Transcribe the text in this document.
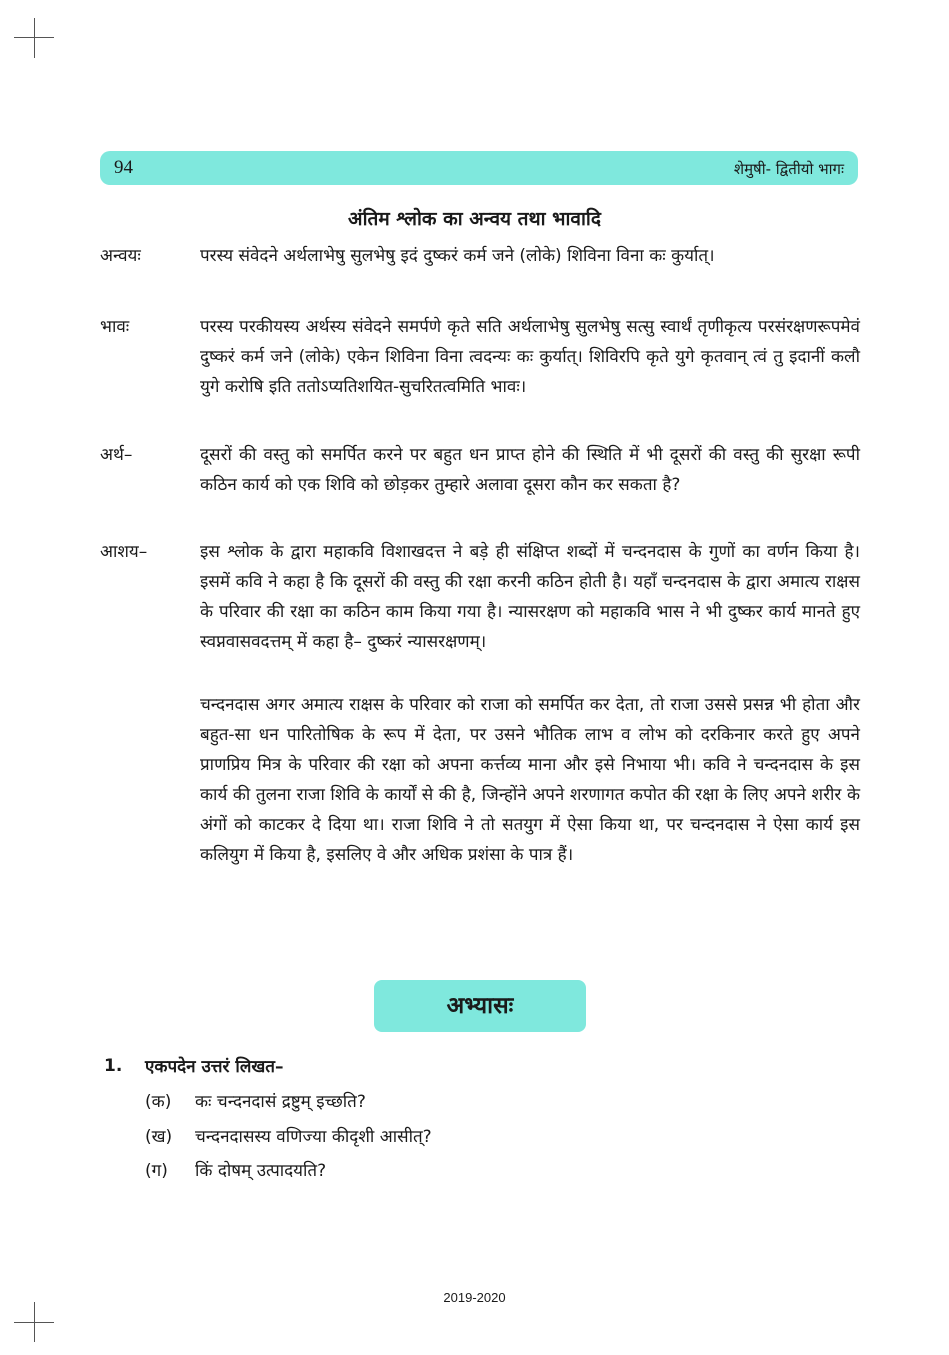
94	शेमुषी- द्वितीयो भागः
अंतिम श्लोक का अन्वय तथा भावादि
अन्वयः	परस्य संवेदने अर्थलाभेषु सुलभेषु इदं दुष्करं कर्म जने (लोके) शिविना विना कः कुर्यात्।
भावः	परस्य परकीयस्य अर्थस्य संवेदने समर्पणे कृते सति अर्थलाभेषु सुलभेषु सत्सु स्वार्थं तृणीकृत्य परसंरक्षणरूपमेवं दुष्करं कर्म जने (लोके) एकेन शिविना विना त्वदन्यः कः कुर्यात्। शिविरपि कृते युगे कृतवान् त्वं तु इदानीं कलौ युगे करोषि इति ततोऽप्यतिशयित-सुचरितत्वमिति भावः।
अर्थ–	दूसरों की वस्तु को समर्पित करने पर बहुत धन प्राप्त होने की स्थिति में भी दूसरों की वस्तु की सुरक्षा रूपी कठिन कार्य को एक शिवि को छोड़कर तुम्हारे अलावा दूसरा कौन कर सकता है?
आशय–	इस श्लोक के द्वारा महाकवि विशाखदत्त ने बड़े ही संक्षिप्त शब्दों में चन्दनदास के गुणों का वर्णन किया है। इसमें कवि ने कहा है कि दूसरों की वस्तु की रक्षा करनी कठिन होती है। यहाँ चन्दनदास के द्वारा अमात्य राक्षस के परिवार की रक्षा का कठिन काम किया गया है। न्यासरक्षण को महाकवि भास ने भी दुष्कर कार्य मानते हुए स्वप्नवासवदत्तम् में कहा है– दुष्करं न्यासरक्षणम्।
चन्दनदास अगर अमात्य राक्षस के परिवार को राजा को समर्पित कर देता, तो राजा उससे प्रसन्न भी होता और बहुत-सा धन पारितोषिक के रूप में देता, पर उसने भौतिक लाभ व लोभ को दरकिनार करते हुए अपने प्राणप्रिय मित्र के परिवार की रक्षा को अपना कर्त्तव्य माना और इसे निभाया भी। कवि ने चन्दनदास के इस कार्य की तुलना राजा शिवि के कार्यों से की है, जिन्होंने अपने शरणागत कपोत की रक्षा के लिए अपने शरीर के अंगों को काटकर दे दिया था। राजा शिवि ने तो सतयुग में ऐसा किया था, पर चन्दनदास ने ऐसा कार्य इस कलियुग में किया है, इसलिए वे और अधिक प्रशंसा के पात्र हैं।
अभ्यासः
1. एकपदेन उत्तरं लिखत–
(क) कः चन्दनदासं द्रष्टुम् इच्छति?
(ख) चन्दनदासस्य वणिज्या कीदृशी आसीत्?
(ग) किं दोषम् उत्पादयति?
2019-2020
